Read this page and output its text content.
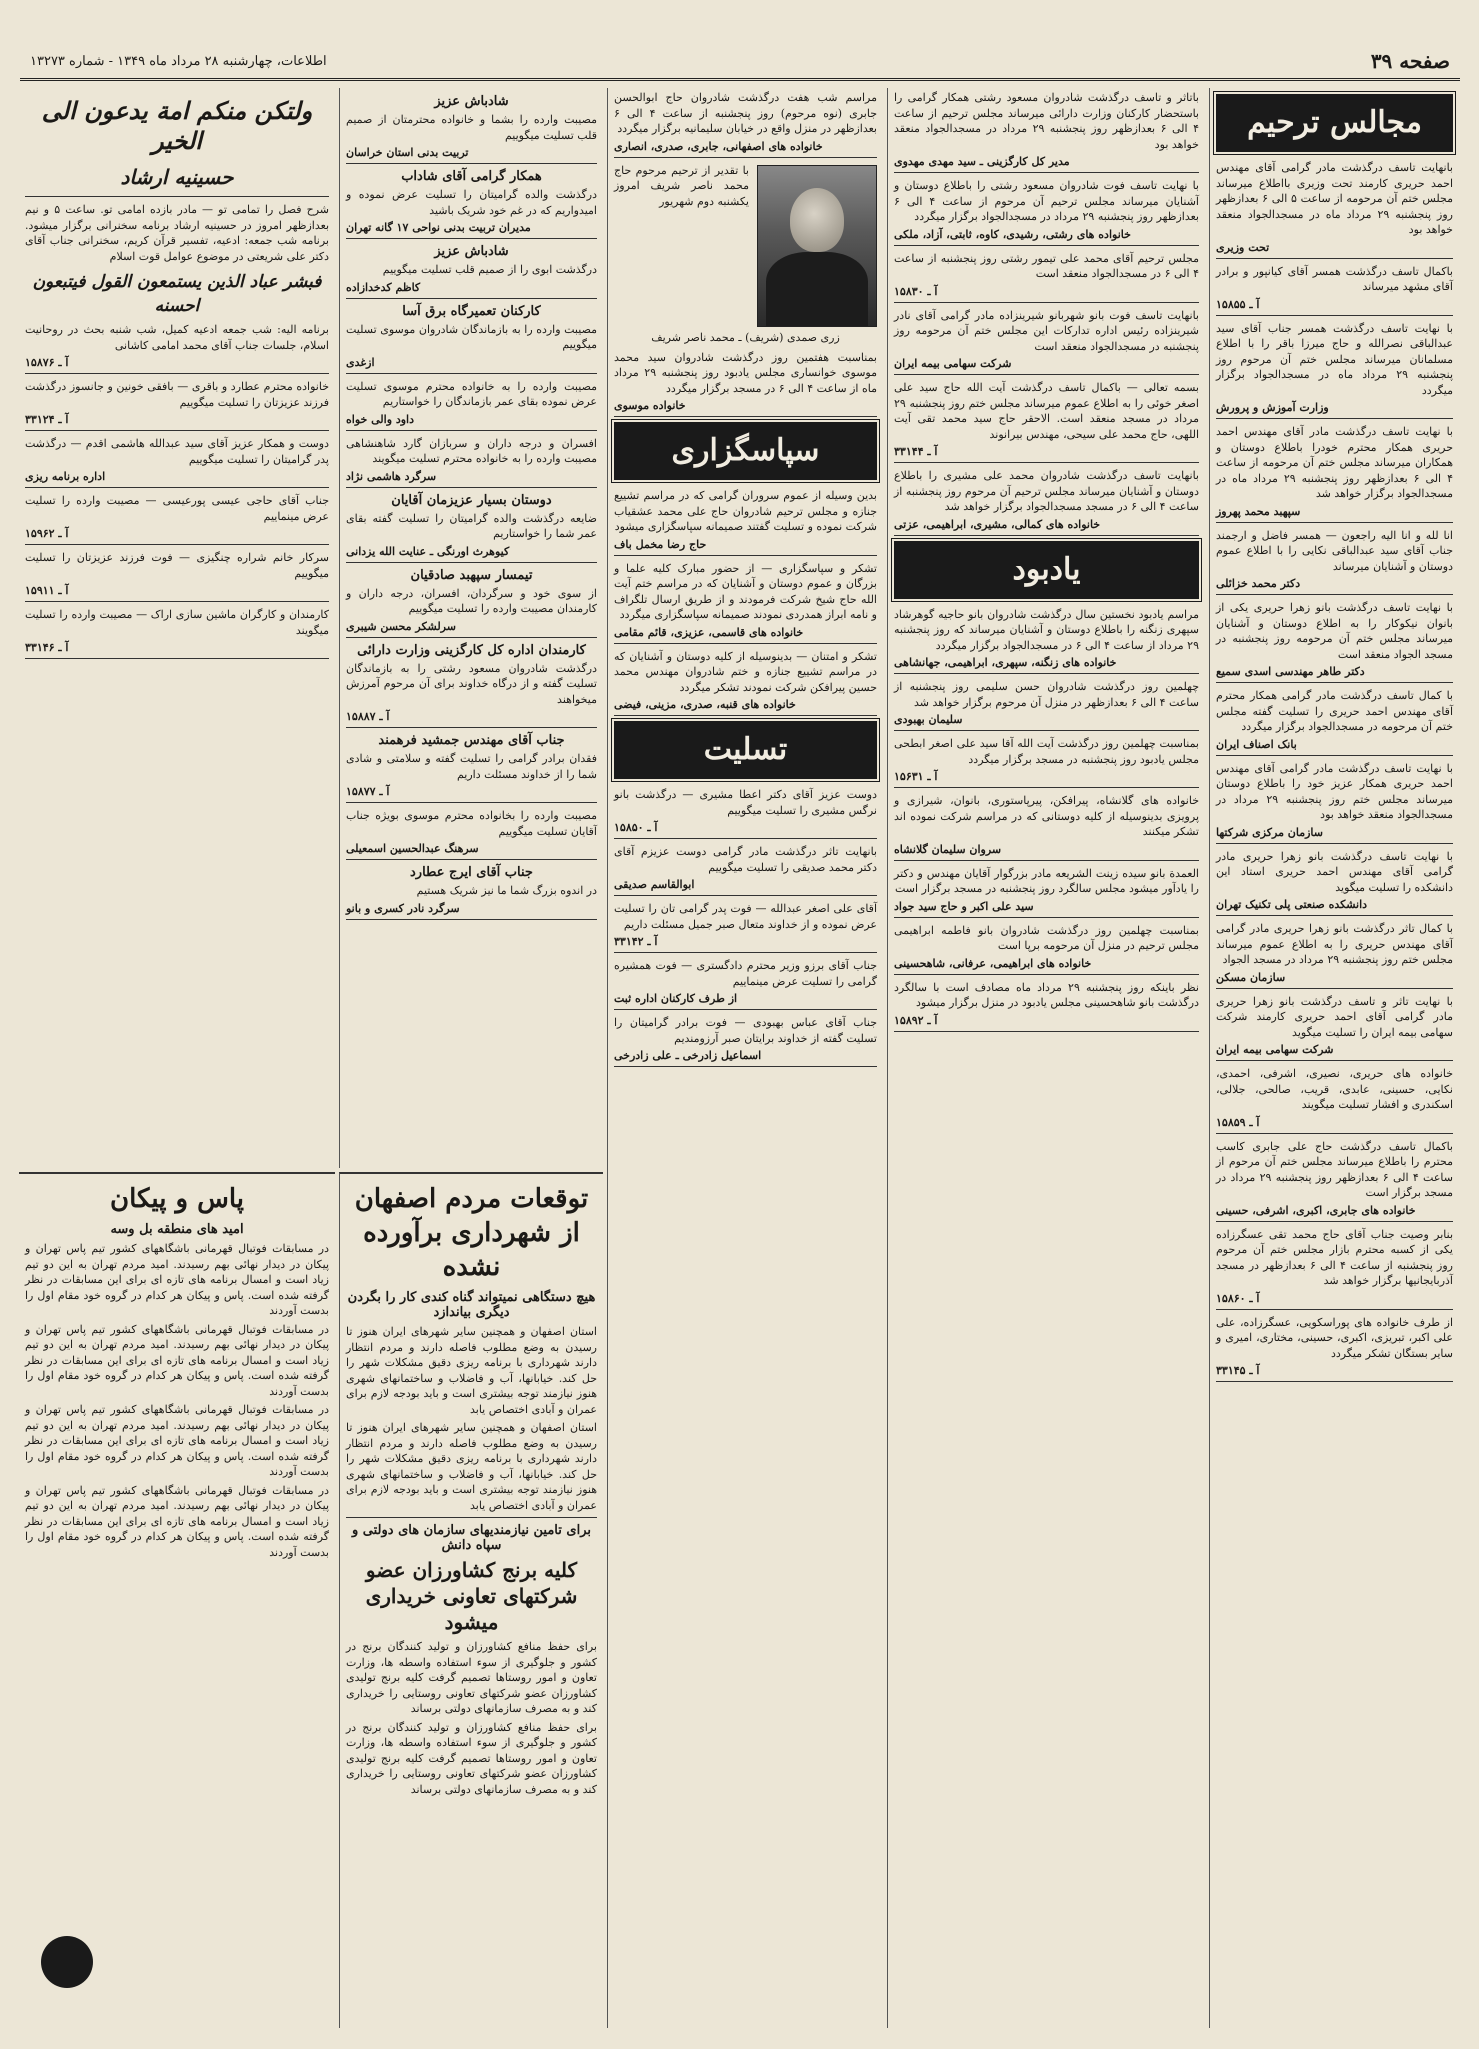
صفحه ۳۹
اطلاعات، چهارشنبه ۲۸ مرداد ماه ۱۳۴۹ - شماره ۱۳۲۷۳
مجالس ترحیم

بانهایت تاسف درگذشت مادر گرامی آقای مهندس احمد حریری کارمند تحت وزیری بااطلاع میرساند مجلس ختم آن مرحومه از ساعت ۵ الی ۶ بعدازظهر روز پنجشنبه ۲۹ مرداد ماه در مسجدالجواد منعقد خواهد بود

تحت وزیری

باکمال تاسف درگذشت همسر آقای کیانپور و برادر آقای مشهد میرساند

آ ـ ۱۵۸۵۵

با نهایت تاسف درگذشت همسر جناب آقای سید عبدالباقی نصرالله و حاج میرزا باقر را با اطلاع مسلمانان میرساند مجلس ختم آن مرحوم روز پنجشنبه ۲۹ مرداد ماه در مسجدالجواد برگزار میگردد

وزارت آموزش و پرورش

با نهایت تاسف درگذشت مادر آقای مهندس احمد حریری همکار محترم خودرا باطلاع دوستان و همکاران میرساند مجلس ختم آن مرحومه از ساعت ۴ الی ۶ بعدازظهر روز پنجشنبه ۲۹ مرداد ماه در مسجدالجواد برگزار خواهد شد

سپهبد محمد پهروز

انا لله و انا الیه راجعون — همسر فاضل و ارجمند جناب آقای سید عبدالباقی نکایی را با اطلاع عموم دوستان و آشنایان میرساند

دکتر محمد خزائلی

با نهایت تاسف درگذشت بانو زهرا حریری یکی از بانوان نیکوکار را به اطلاع دوستان و آشنایان میرساند مجلس ختم آن مرحومه روز پنجشنبه در مسجد الجواد منعقد است

دکتر طاهر مهندسی اسدی سمیع

با کمال تاسف درگذشت مادر گرامی همکار محترم آقای مهندس احمد حریری را تسلیت گفته مجلس ختم آن مرحومه در مسجدالجواد برگزار میگردد

بانک اصناف ایران

با نهایت تاسف درگذشت مادر گرامی آقای مهندس احمد حریری همکار عزیز خود را باطلاع دوستان میرساند مجلس ختم روز پنجشنبه ۲۹ مرداد در مسجدالجواد منعقد خواهد بود

سازمان مرکزی شرکتها

با نهایت تاسف درگذشت بانو زهرا حریری مادر گرامی آقای مهندس احمد حریری استاد این دانشکده را تسلیت میگوید

دانشکده صنعتی پلی تکنیک تهران

با کمال تاثر درگذشت بانو زهرا حریری مادر گرامی آقای مهندس حریری را به اطلاع عموم میرساند مجلس ختم روز پنجشنبه ۲۹ مرداد در مسجد الجواد

سازمان مسکن

با نهایت تاثر و تاسف درگذشت بانو زهرا حریری مادر گرامی آقای احمد حریری کارمند شرکت سهامی بیمه ایران را تسلیت میگوید

شرکت سهامی بیمه ایران

خانواده های حریری، نصیری، اشرفی، احمدی، نکایی، حسینی، عابدی، قریب، صالحی، جلالی، اسکندری و افشار تسلیت میگویند

آ ـ ۱۵۸۵۹

باکمال تاسف درگذشت حاج علی جابری کاسب محترم را باطلاع میرساند مجلس ختم آن مرحوم از ساعت ۴ الی ۶ بعدازظهر روز پنجشنبه ۲۹ مرداد در مسجد برگزار است

خانواده های جابری، اکبری، اشرفی، حسینی

بنابر وصیت جناب آقای حاج محمد تقی عسگرزاده یکی از کسبه محترم بازار مجلس ختم آن مرحوم روز پنجشنبه از ساعت ۴ الی ۶ بعدازظهر در مسجد آذربایجانیها برگزار خواهد شد

آ ـ ۱۵۸۶۰

از طرف خانواده های پوراسکویی، عسگرزاده، علی علی اکبر، تبریزی، اکبری، حسینی، مختاری، امیری و سایر بستگان تشکر میگردد

آ ـ ۳۳۱۴۵

باتاثر و تاسف درگذشت شادروان مسعود رشتی همکار گرامی را باستحضار کارکنان وزارت دارائی میرساند مجلس ترحیم از ساعت ۴ الی ۶ بعدازظهر روز پنجشنبه ۲۹ مرداد در مسجدالجواد منعقد خواهد بود

مدیر کل کارگزینی ـ سید مهدی مهدوی

با نهایت تاسف فوت شادروان مسعود رشتی را باطلاع دوستان و آشنایان میرساند مجلس ترحیم آن مرحوم از ساعت ۴ الی ۶ بعدازظهر روز پنجشنبه ۲۹ مرداد در مسجدالجواد برگزار میگردد

خانواده های رشتی، رشیدی، کاوه، ثابتی، آزاد، ملکی

مجلس ترحیم آقای محمد علی تیمور رشتی روز پنجشنبه از ساعت ۴ الی ۶ در مسجدالجواد منعقد است

آ ـ ۱۵۸۳۰

بانهایت تاسف فوت بانو شهربانو شیرینزاده مادر گرامی آقای نادر شیرینزاده رئیس اداره تدارکات این مجلس ختم آن مرحومه روز پنجشنبه در مسجدالجواد منعقد است

شرکت سهامی بیمه ایران

بسمه تعالی — باکمال تاسف درگذشت آیت الله حاج سید علی اصغر خوئی را به اطلاع عموم میرساند مجلس ختم روز پنجشنبه ۲۹ مرداد در مسجد منعقد است. الاحقر حاج سید محمد تقی آیت اللهی، حاج محمد علی سیحی، مهندس بیرانوند

آ ـ ۳۳۱۴۴

بانهایت تاسف درگذشت شادروان محمد علی مشیری را باطلاع دوستان و آشنایان میرساند مجلس ترحیم آن مرحوم روز پنجشنبه از ساعت ۴ الی ۶ در مسجد مسجدالجواد برگزار خواهد شد

خانواده های کمالی، مشیری، ابراهیمی، عزتی
یادبود

مراسم یادبود نخستین سال درگذشت شادروان بانو حاجیه گوهرشاد سپهری زنگنه را باطلاع دوستان و آشنایان میرساند که روز پنجشنبه ۲۹ مرداد از ساعت ۴ الی ۶ در مسجدالجواد برگزار میگردد

خانواده های زنگنه، سپهری، ابراهیمی، جهانشاهی

چهلمین روز درگذشت شادروان حسن سلیمی روز پنجشنبه از ساعت ۴ الی ۶ بعدازظهر در منزل آن مرحوم برگزار خواهد شد

سلیمان بهبودی

بمناسبت چهلمین روز درگذشت آیت الله آقا سید علی اصغر ابطحی مجلس یادبود روز پنجشنبه در مسجد برگزار میگردد

آ ـ ۱۵۶۳۱

خانواده های گلانشاه، پیرافکن، پیرپاستوری، بانوان، شیرازی و پرویزی بدینوسیله از کلیه دوستانی که در مراسم شرکت نموده اند تشکر میکنند

سروان سلیمان گلانشاه

العمدة بانو سیده زینت الشریعه مادر بزرگوار آقایان مهندس و دکتر را یادآور میشود مجلس سالگرد روز پنجشنبه در مسجد برگزار است

سید علی اکبر و حاج سید جواد

بمناسبت چهلمین روز درگذشت شادروان بانو فاطمه ابراهیمی مجلس ترحیم در منزل آن مرحومه برپا است

خانواده های ابراهیمی، عرفانی، شاهحسینی

نظر باینکه روز پنجشنبه ۲۹ مرداد ماه مصادف است با سالگرد درگذشت بانو شاهحسینی مجلس یادبود در منزل برگزار میشود

آ ـ ۱۵۸۹۲

مراسم شب هفت درگذشت شادروان حاج ابوالحسن جابری (نوه مرحوم) روز پنجشنبه از ساعت ۴ الی ۶ بعدازظهر در منزل واقع در خیابان سلیمانیه برگزار میگردد

خانواده های اصفهانی، جابری، صدری، انصاری

با تقدیر از ترحیم مرحوم حاج محمد ناصر شریف امروز یکشنبه دوم شهریور

زری صمدی (شریف) ـ محمد ناصر شریف

بمناسبت هفتمین روز درگذشت شادروان سید محمد موسوی خوانساری مجلس یادبود روز پنجشنبه ۲۹ مرداد ماه از ساعت ۴ الی ۶ در مسجد برگزار میگردد

خانواده موسوی
سپاسگزاری

بدین وسیله از عموم سروران گرامی که در مراسم تشییع جنازه و مجلس ترحیم شادروان حاج علی محمد عشقیاب شرکت نموده و تسلیت گفتند صمیمانه سپاسگزاری میشود

حاج رضا مخمل باف

تشکر و سپاسگزاری — از حضور مبارک کلیه علما و بزرگان و عموم دوستان و آشنایان که در مراسم ختم آیت الله حاج شیخ شرکت فرمودند و از طریق ارسال تلگراف و نامه ابراز همدردی نمودند صمیمانه سپاسگزاری میگردد

خانواده های قاسمی، عزیزی، قائم مقامی

تشکر و امتنان — بدینوسیله از کلیه دوستان و آشنایان که در مراسم تشییع جنازه و ختم شادروان مهندس محمد حسین پیرافکن شرکت نمودند تشکر میگردد

خانواده های قنبه، صدری، مزینی، فیضی
تسلیت

دوست عزیز آقای دکتر اعطا مشیری — درگذشت بانو نرگس مشیری را تسلیت میگوییم

آ ـ ۱۵۸۵۰

بانهایت تاثر درگذشت مادر گرامی دوست عزیزم آقای دکتر محمد صدیقی را تسلیت میگوییم

ابوالقاسم صدیقی

آقای علی اصغر عبدالله — فوت پدر گرامی تان را تسلیت عرض نموده و از خداوند متعال صبر جمیل مسئلت داریم

آ ـ ۳۳۱۴۲

جناب آقای برزو وزیر محترم دادگستری — فوت همشیره گرامی را تسلیت عرض مینماییم

از طرف کارکنان اداره ثبت

جناب آقای عباس بهبودی — فوت برادر گرامیتان را تسلیت گفته از خداوند برایتان صبر آرزومندیم

اسماعیل زادرخی ـ علی زادرخی
شادباش عزیز

مصیبت وارده را بشما و خانواده محترمتان از صمیم قلب تسلیت میگوییم

تربیت بدنی استان خراسان
همکار گرامی آقای شاداب

درگذشت والده گرامیتان را تسلیت عرض نموده و امیدواریم که در غم خود شریک باشید

مدیران تربیت بدنی نواحی ۱۷ گانه تهران
شادباش عزیز

درگذشت ابوی را از صمیم قلب تسلیت میگوییم

کاظم کدخدازاده
کارکنان تعمیرگاه برق آسا

مصیبت وارده را به بازماندگان شادروان موسوی تسلیت میگوییم

ازغدی

مصیبت وارده را به خانواده محترم موسوی تسلیت عرض نموده بقای عمر بازماندگان را خواستاریم

داود والی خواه

افسران و درجه داران و سربازان گارد شاهنشاهی مصیبت وارده را به خانواده محترم تسلیت میگویند

سرگرد هاشمی نژاد
دوستان بسیار عزیزمان آقایان

ضایعه درگذشت والده گرامیتان را تسلیت گفته بقای عمر شما را خواستاریم

کیوهرث اورنگی ـ عنایت الله یزدانی
تیمسار سپهبد صادقیان

از سوی خود و سرگردان، افسران، درجه داران و کارمندان مصیبت وارده را تسلیت میگوییم

سرلشکر محسن شیبری
کارمندان اداره کل کارگزینی وزارت دارائی

درگذشت شادروان مسعود رشتی را به بازماندگان تسلیت گفته و از درگاه خداوند برای آن مرحوم آمرزش میخواهند

آ ـ ۱۵۸۸۷
جناب آقای مهندس جمشید فرهمند

فقدان برادر گرامی را تسلیت گفته و سلامتی و شادی شما را از خداوند مسئلت داریم

آ ـ ۱۵۸۷۷

مصیبت وارده را بخانواده محترم موسوی بویژه جناب آقایان تسلیت میگوییم

سرهنگ عبدالحسین اسمعیلی
جناب آقای ایرج عطارد

در اندوه بزرگ شما ما نیز شریک هستیم

سرگرد نادر کسری و بانو
ولتکن منکم امة یدعون الی الخیر
حسینیه ارشاد

شرح فصل را تمامی تو — مادر بازده امامی تو. ساعت ۵ و نیم بعدازظهر امروز در حسینیه ارشاد برنامه سخنرانی برگزار میشود. برنامه شب جمعه: ادعیه، تفسیر قرآن کریم، سخنرانی جناب آقای دکتر علی شریعتی در موضوع عوامل قوت اسلام

فبشر عباد الذین یستمعون القول فیتبعون احسنه

برنامه الیه: شب جمعه ادعیه کمیل، شب شنبه بحث در روحانیت اسلام، جلسات جناب آقای محمد امامی کاشانی

آ ـ ۱۵۸۷۶

خانواده محترم عطارد و باقری — بافقی خونین و جانسوز درگذشت فرزند عزیزتان را تسلیت میگوییم

آ ـ ۳۳۱۲۴

دوست و همکار عزیز آقای سید عبدالله هاشمی اقدم — درگذشت پدر گرامیتان را تسلیت میگوییم

اداره برنامه ریزی

جناب آقای حاجی عیسی پورعیسی — مصیبت وارده را تسلیت عرض مینماییم

آ ـ ۱۵۹۶۲

سرکار خانم شراره چنگیزی — فوت فرزند عزیزتان را تسلیت میگوییم

آ ـ ۱۵۹۱۱

کارمندان و کارگران ماشین سازی اراک — مصیبت وارده را تسلیت میگویند

آ ـ ۳۳۱۴۶
توقعات مردم اصفهان از شهرداری برآورده نشده
هیچ دستگاهی نمیتواند گناه کندی کار را بگردن دیگری بیاندازد

استان اصفهان و همچنین سایر شهرهای ایران هنوز تا رسیدن به وضع مطلوب فاصله دارند و مردم انتظار دارند شهرداری با برنامه ریزی دقیق مشکلات شهر را حل کند. خیابانها، آب و فاضلاب و ساختمانهای شهری هنوز نیازمند توجه بیشتری است و باید بودجه لازم برای عمران و آبادی اختصاص یابد

استان اصفهان و همچنین سایر شهرهای ایران هنوز تا رسیدن به وضع مطلوب فاصله دارند و مردم انتظار دارند شهرداری با برنامه ریزی دقیق مشکلات شهر را حل کند. خیابانها، آب و فاضلاب و ساختمانهای شهری هنوز نیازمند توجه بیشتری است و باید بودجه لازم برای عمران و آبادی اختصاص یابد

برای تامین نیازمندیهای سازمان های دولتی و سپاه دانش
کلیه برنج کشاورزان عضو شرکتهای تعاونی خریداری میشود

برای حفظ منافع کشاورزان و تولید کنندگان برنج در کشور و جلوگیری از سوء استفاده واسطه ها، وزارت تعاون و امور روستاها تصمیم گرفت کلیه برنج تولیدی کشاورزان عضو شرکتهای تعاونی روستایی را خریداری کند و به مصرف سازمانهای دولتی برساند

برای حفظ منافع کشاورزان و تولید کنندگان برنج در کشور و جلوگیری از سوء استفاده واسطه ها، وزارت تعاون و امور روستاها تصمیم گرفت کلیه برنج تولیدی کشاورزان عضو شرکتهای تعاونی روستایی را خریداری کند و به مصرف سازمانهای دولتی برساند

پاس و پیکان
امید های منطقه بل وسه

در مسابقات فوتبال قهرمانی باشگاههای کشور تیم پاس تهران و پیکان در دیدار نهائی بهم رسیدند. امید مردم تهران به این دو تیم زیاد است و امسال برنامه های تازه ای برای این مسابقات در نظر گرفته شده است. پاس و پیکان هر کدام در گروه خود مقام اول را بدست آوردند

در مسابقات فوتبال قهرمانی باشگاههای کشور تیم پاس تهران و پیکان در دیدار نهائی بهم رسیدند. امید مردم تهران به این دو تیم زیاد است و امسال برنامه های تازه ای برای این مسابقات در نظر گرفته شده است. پاس و پیکان هر کدام در گروه خود مقام اول را بدست آوردند

در مسابقات فوتبال قهرمانی باشگاههای کشور تیم پاس تهران و پیکان در دیدار نهائی بهم رسیدند. امید مردم تهران به این دو تیم زیاد است و امسال برنامه های تازه ای برای این مسابقات در نظر گرفته شده است. پاس و پیکان هر کدام در گروه خود مقام اول را بدست آوردند

در مسابقات فوتبال قهرمانی باشگاههای کشور تیم پاس تهران و پیکان در دیدار نهائی بهم رسیدند. امید مردم تهران به این دو تیم زیاد است و امسال برنامه های تازه ای برای این مسابقات در نظر گرفته شده است. پاس و پیکان هر کدام در گروه خود مقام اول را بدست آوردند
